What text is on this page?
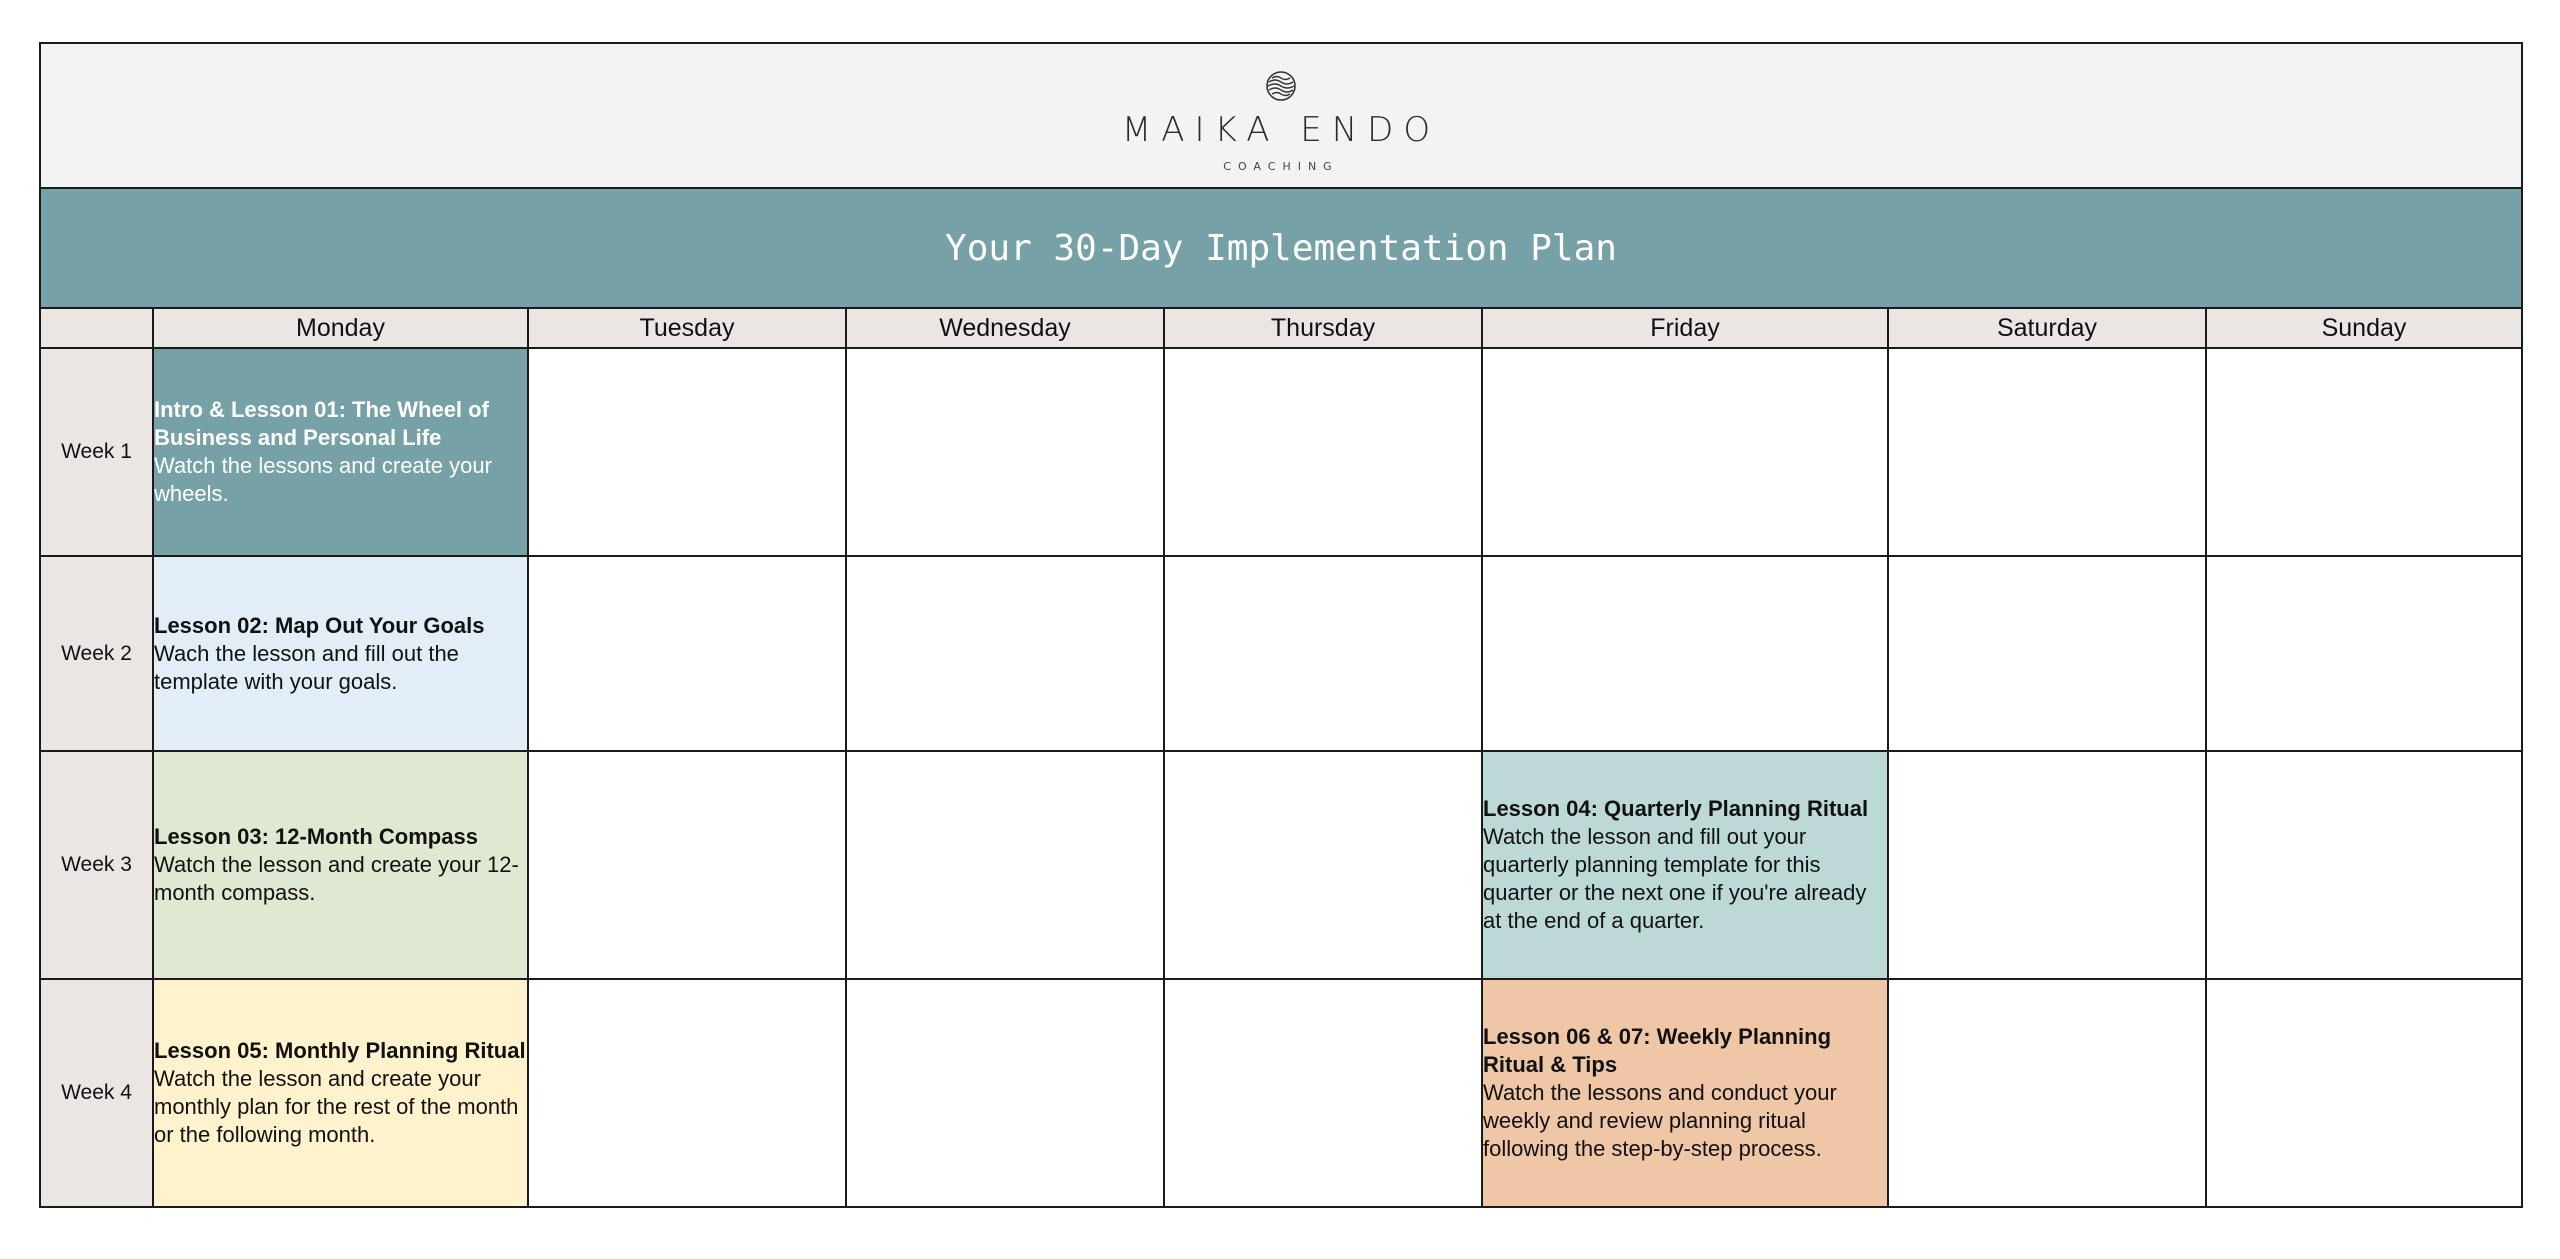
MAIKA ENDO
COACHING							

Your 30-Day Implementation Plan							
	Monday	Tuesday	Wednesday	Thursday	Friday	Saturday	Sunday
Week 1	Intro & Lesson 01: The Wheel of Business and Personal Life
Watch the lessons and create your wheels.						

Week 2	Lesson 02: Map Out Your Goals
Wach the lesson and fill out the template with your goals.						

Week 3	Lesson 03: 12-Month Compass
Watch the lesson and create your 12-month compass.				Lesson 04: Quarterly Planning Ritual
Watch the lesson and fill out your quarterly planning template for this quarter or the next one if you're already at the end of a quarter.		

Week 4	Lesson 05: Monthly Planning Ritual
Watch the lesson and create your monthly plan for the rest of the month or the following month.				Lesson 06 & 07: Weekly Planning Ritual & Tips
Watch the lessons and conduct your weekly and review planning ritual following the step-by-step process.		
